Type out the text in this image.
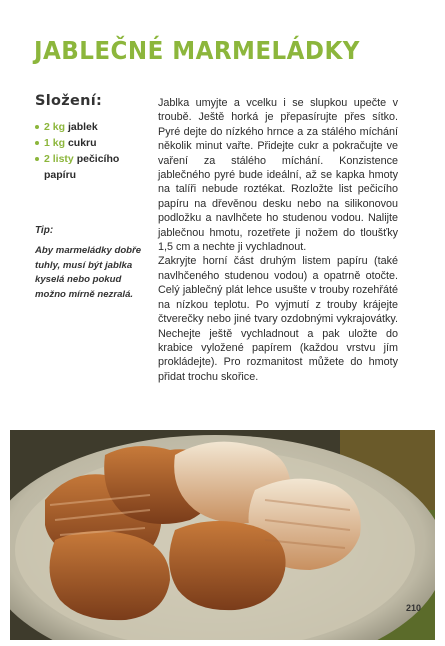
JABLEČNÉ MARMELÁDKY
Složení:
2 kg jablek
1 kg cukru
2 listy pečicího papíru
Tip:
Aby marmeládky dobře tuhly, musí být jablka kyselá nebo pokud možno mírně nezralá.

Jablka umyjte a vcelku i se slupkou upečte v troubě. Ještě horká je přepasírujte přes sítko. Pyré dejte do nízkého hrnce a za stálého míchání několik minut vařte. Přidejte cukr a pokračujte ve vaření za stálého míchání. Konzistence jablečného pyré bude ideální, až se kapka hmoty na talíři nebude roztékat. Rozložte list pečicího papíru na dřevěnou desku nebo na silikonovou podložku a navlhčete ho studenou vodou. Nalijte jablečnou hmotu, rozetřete ji nožem do tloušťky 1,5 cm a nechte ji vychladnout.

Zakryjte horní část druhým listem papíru (také navlhčeného studenou vodou) a opatrně otočte. Celý jablečný plát lehce usušte v trouby rozehřáté na nízkou teplotu. Po vyjmutí z trouby krájejte čtverečky nebo jiné tvary ozdobnými vykrajovátky. Nechejte ještě vychladnout a pak uložte do krabice vyložené papírem (každou vrstvu jím prokládejte). Pro rozmanitost můžete do hmoty přidat trochu skořice.

210
